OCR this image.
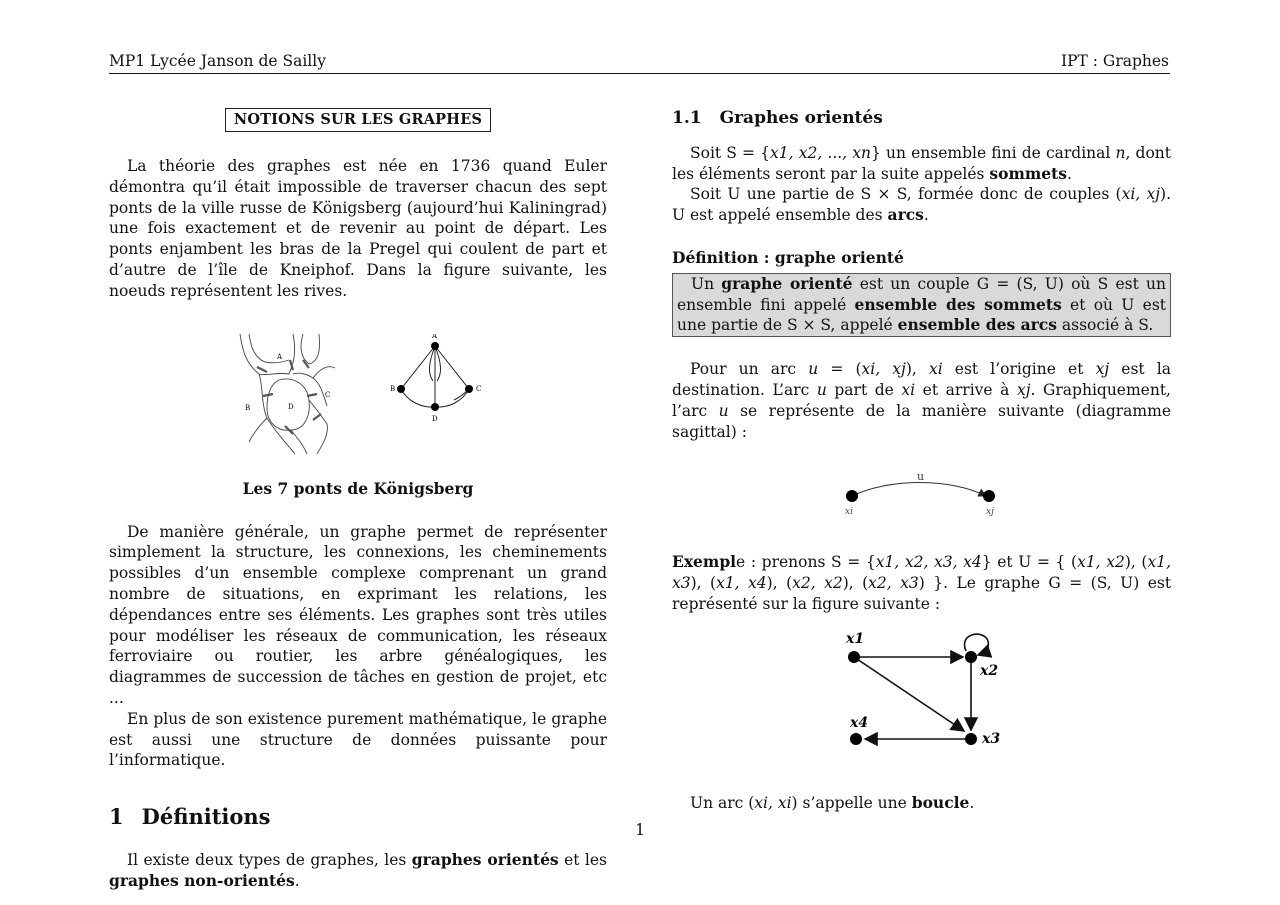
MP1 Lycée Janson de Sailly	IPT : Graphes
NOTIONS SUR LES GRAPHES

La théorie des graphes est née en 1736 quand Euler démontra qu’il était impossible de traverser chacun des sept ponts de la ville russe de Königsberg (aujourd’hui Kaliningrad) une fois exactement et de revenir au point de départ. Les ponts enjambent les bras de la Pregel qui coulent de part et d’autre de l’île de Kneiphof. Dans la figure suivante, les noeuds représentent les rives.

A
B
C
D
A
B	C
D
Les 7 ponts de Königsberg

De manière générale, un graphe permet de représenter simplement la structure, les connexions, les cheminements possibles d’un ensemble complexe comprenant un grand nombre de situations, en exprimant les relations, les dépendances entre ses éléments. Les graphes sont très utiles pour modéliser les réseaux de communication, les réseaux ferroviaire ou routier, les arbre généalogiques, les diagrammes de succession de tâches en gestion de projet, etc ...

En plus de son existence purement mathématique, le graphe est aussi une structure de données puissante pour l’informatique.

1 Définitions

Il existe deux types de graphes, les graphes orientés et les graphes non-orientés.

1.1 Graphes orientés

Soit S = {x1, x2, ..., xn} un ensemble fini de cardinal n, dont les éléments seront par la suite appelés sommets.

Soit U une partie de S × S, formée donc de couples (xi, xj). U est appelé ensemble des arcs.

Définition : graphe orienté

Un graphe orienté est un couple G = (S, U) où S est un ensemble fini appelé ensemble des sommets et où U est une partie de S × S, appelé ensemble des arcs associé à S.

Pour un arc u = (xi, xj), xi est l’origine et xj est la destination. L’arc u part de xi et arrive à xj. Graphiquement, l’arc u se représente de la manière suivante (diagramme sagittal) :

u
xi	xj

Exemple : prenons S = {x1, x2, x3, x4} et U = { (x1, x2), (x1, x3), (x1, x4), (x2, x2), (x2, x3) }. Le graphe G = (S, U) est représenté sur la figure suivante :

x1
x2
x3
x4

Un arc (xi, xi) s’appelle une boucle.

1
